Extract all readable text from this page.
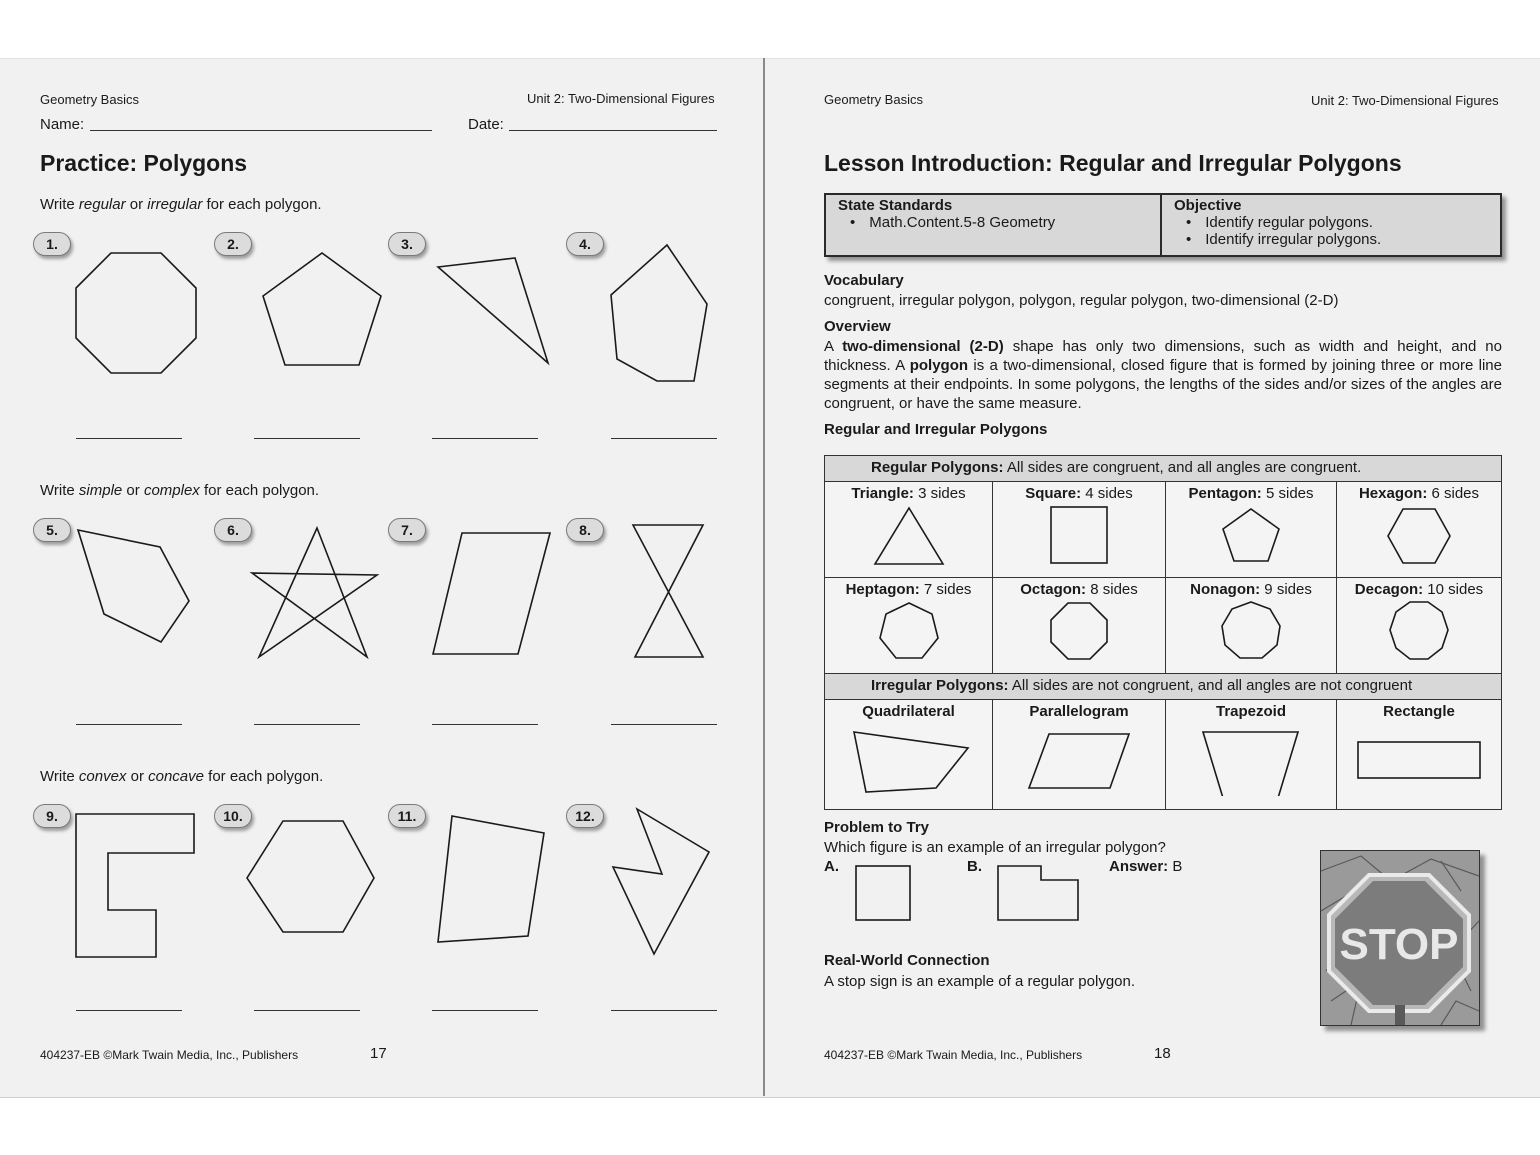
Geometry Basics	Unit 2: Two-Dimensional Figures
Name:	Date:
Practice: Polygons
Write regular or irregular for each polygon.
Write simple or complex for each polygon.
Write convex or concave for each polygon.
1.	2.	3.	4.
5.	6.	7.	8.
9.	10.	11.	12.
404237-EB ©Mark Twain Media, Inc., Publishers	17
Geometry Basics	Unit 2: Two-Dimensional Figures
Lesson Introduction: Regular and Irregular Polygons
State Standards
• Math.Content.5-8 Geometry

Objective
• Identify regular polygons.
• Identify irregular polygons.
Vocabulary
congruent, irregular polygon, polygon, regular polygon, two-dimensional (2-D)
Overview
A two-dimensional (2-D) shape has only two dimensions, such as width and height, and no thickness. A polygon is a two-dimensional, closed figure that is formed by joining three or more line segments at their endpoints. In some polygons, the lengths of the sides and/or sizes of the angles are congruent, or have the same measure.
Regular and Irregular Polygons
Regular Polygons: All sides are congruent, and all angles are congruent.			

Triangle: 3 sides	Square: 4 sides	Pentagon: 5 sides	Hexagon: 6 sides

Heptagon: 7 sides	Octagon: 8 sides	Nonagon: 9 sides	Decagon: 10 sides

Irregular Polygons: All sides are not congruent, and all angles are not congruent			

Quadrilateral	Parallelogram	Trapezoid	Rectangle
Problem to Try
Which figure is an example of an irregular polygon?
A.	B.	Answer: B
Real-World Connection
A stop sign is an example of a regular polygon.
STOP
404237-EB ©Mark Twain Media, Inc., Publishers	18
